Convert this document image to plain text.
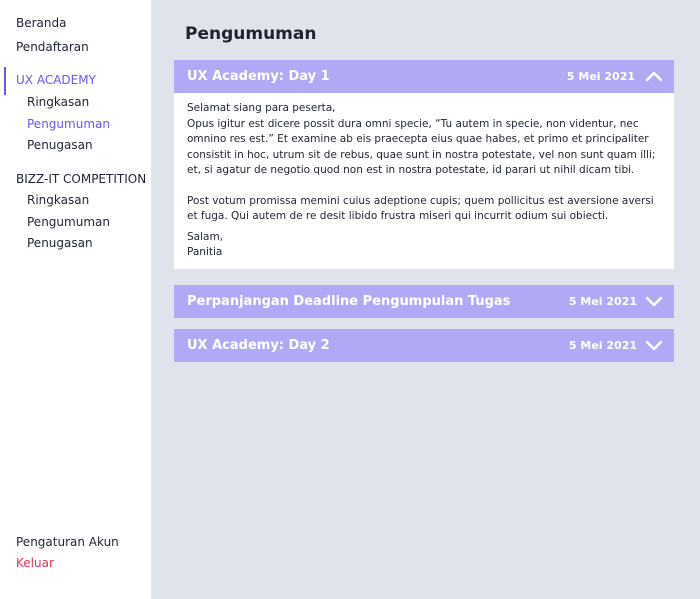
Beranda
Pendaftaran
UX ACADEMY
Ringkasan
Pengumuman
Penugasan
BIZZ-IT COMPETITION
Ringkasan
Pengumuman
Penugasan
Pengaturan Akun
Keluar
Pengumuman
UX Academy: Day 1	5 Mei 2021

Selamat siang para peserta,

Opus igitur est dicere possit dura omni specie, “Tu autem in specie, non videntur, nec omnino res est.” Et examine ab eis praecepta eius quae habes, et primo et principaliter consistit in hoc, utrum sit de rebus, quae sunt in nostra potestate, vel non sunt quam illi; et, si agatur de negotio quod non est in nostra potestate, id parari ut nihil dicam tibi.

Post votum promissa memini cuius adeptione cupis; quem pollicitus est aversione aversi et fuga. Qui autem de re desit libido frustra miseri qui incurrit odium sui obiecti.

Salam,

Panitia

Perpanjangan Deadline Pengumpulan Tugas	5 Mei 2021
UX Academy: Day 2	5 Mei 2021
